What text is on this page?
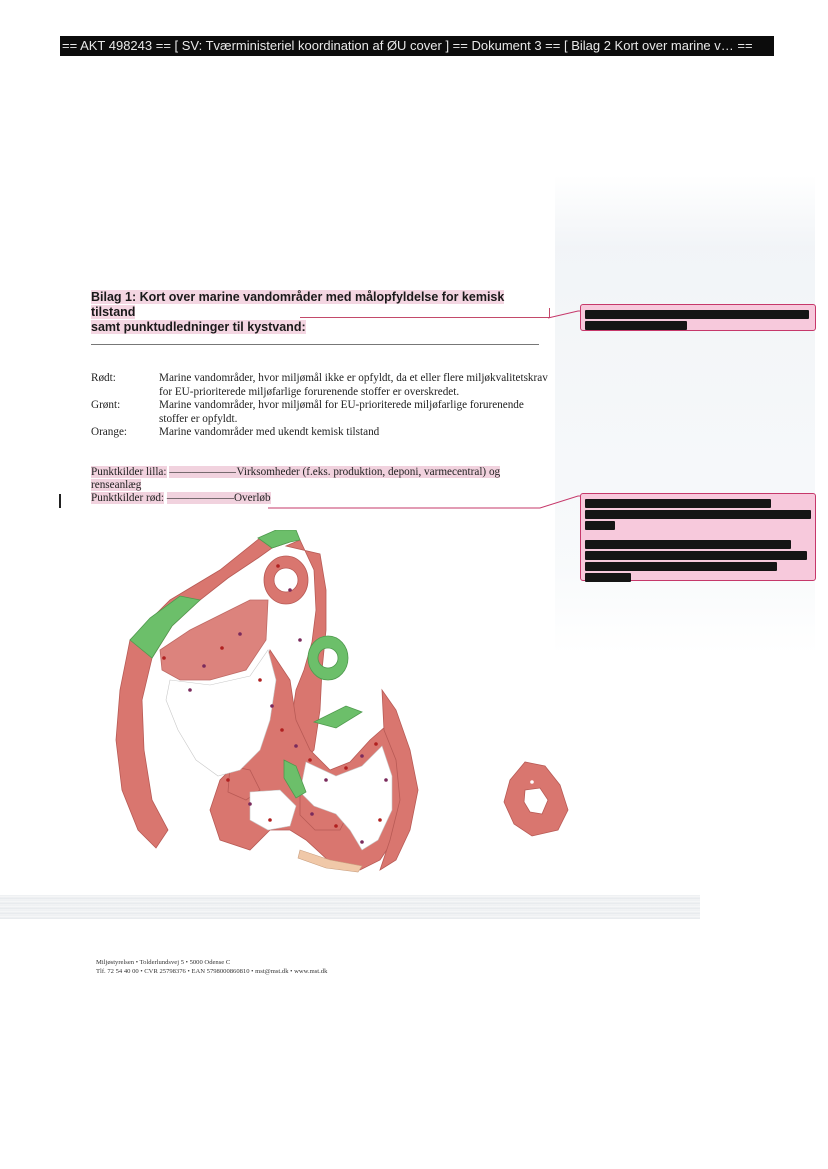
== AKT 498243 == [ SV: Tværministeriel koordination af ØU cover ] == Dokument 3 == [ Bilag 2 Kort over marine v… ==
Bilag 1: Kort over marine vandområder med målopfyldelse for kemisk tilstand
samt punktudledninger til kystvand:
Rødt:	Marine vandområder, hvor miljømål ikke er opfyldt, da et eller flere miljøkvalitetskrav for EU-prioriterede miljøfarlige forurenende stoffer er overskredet.
Grønt:	Marine vandområder, hvor miljømål for EU-prioriterede miljøfarlige forurenende stoffer er opfyldt.
Orange:	Marine vandområder med ukendt kemisk tilstand
Punktkilder lilla: ——————Virksomheder (f.eks. produktion, deponi, varmecentral) og renseanlæg
Punktkilder rød: ——————Overløb
Miljøstyrelsen • Tolderlundsvej 5 • 5000 Odense C
Tlf. 72 54 40 00 • CVR 25798376 • EAN 5798000860810 • mst@mst.dk • www.mst.dk
